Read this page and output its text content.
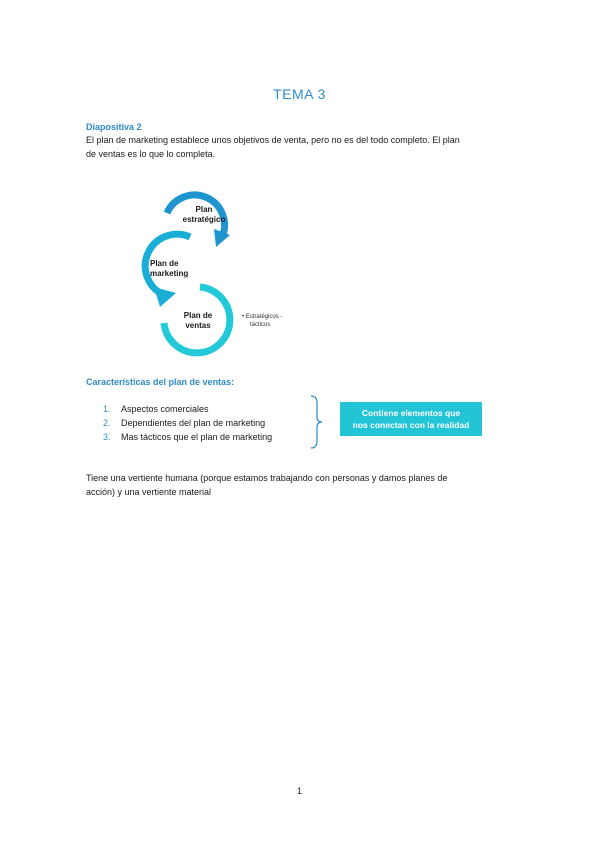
TEMA 3
Diapositiva 2
El plan de marketing establece unos objetivos de venta, pero no es del todo completo. El plan
de ventas es lo que lo completa.
Plan
estratégico
Plan de
marketing
Plan de
ventas
• Estratégicos -
tácticos
Características del plan de ventas:
1.	Aspectos comerciales
2.	Dependientes del plan de marketing
3.	Mas tácticos que el plan de marketing
Contiene elementos que
nos conectan con la realidad
Tiene una vertiente humana (porque estamos trabajando con personas y damos planes de
acción) y una vertiente material
1
